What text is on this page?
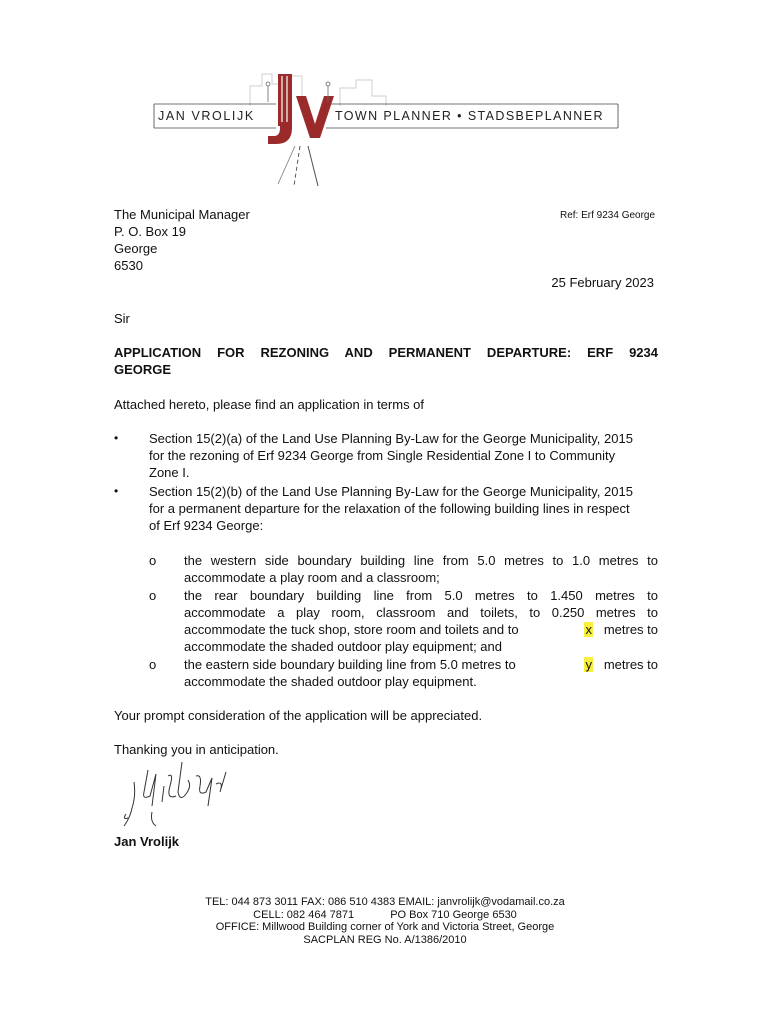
JAN VROLIJK	TOWN PLANNER • STADSBEPLANNER
The Municipal Manager
P. O. Box 19
George
6530
Ref: Erf 9234 George
25 February 2023
Sir
APPLICATION FOR REZONING AND PERMANENT DEPARTURE: ERF 9234
GEORGE
Attached hereto, please find an application in terms of
• Section 15(2)(a) of the Land Use Planning By-Law for the George Municipality, 2015
for the rezoning of Erf 9234 George from Single Residential Zone I to Community
Zone I.
• Section 15(2)(b) of the Land Use Planning By-Law for the George Municipality, 2015
for a permanent departure for the relaxation of the following building lines in respect
of Erf 9234 George:
o the western side boundary building line from 5.0 metres to 1.0 metres to
accommodate a play room and a classroom;
o the rear boundary building line from 5.0 metres to 1.450 metres to
accommodate a play room, classroom and toilets, to 0.250 metres to
accommodate the tuck shop, store room and toilets and to	x metres to
accommodate the shaded outdoor play equipment; and
o the eastern side boundary building line from 5.0 metres to	y metres to
accommodate the shaded outdoor play equipment.
Your prompt consideration of the application will be appreciated.
Thanking you in anticipation.
Jan Vrolijk
TEL: 044 873 3011 FAX: 086 510 4383 EMAIL: janvrolijk@vodamail.co.za
CELL: 082 464 7871	PO Box 710 George 6530
OFFICE: Millwood Building corner of York and Victoria Street, George
SACPLAN REG No. A/1386/2010
